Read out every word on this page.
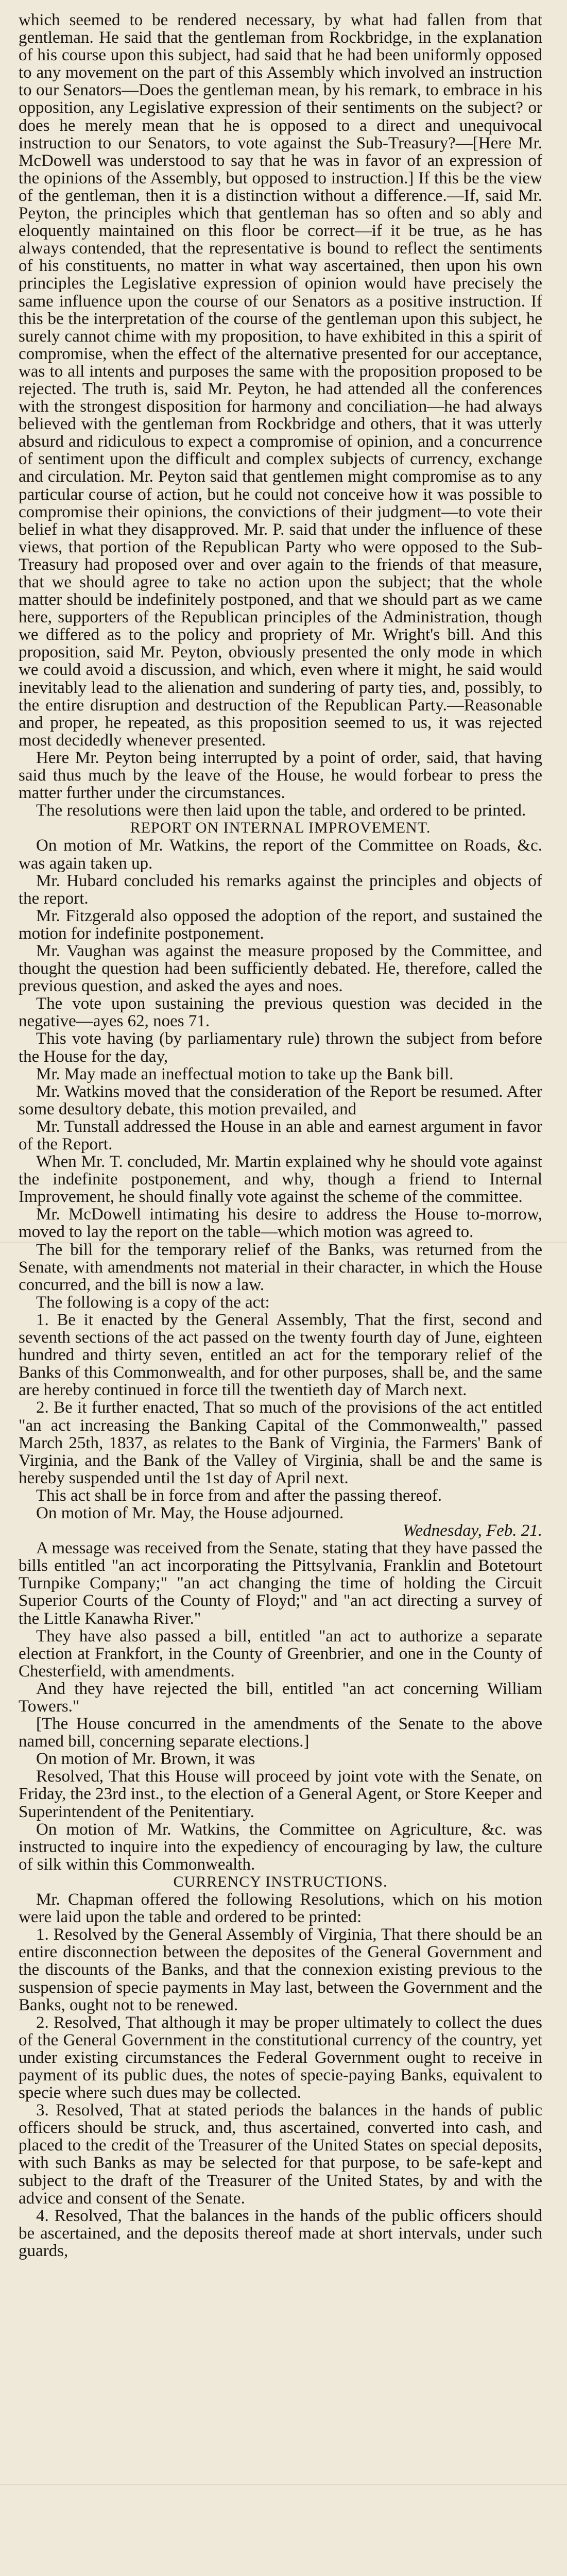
which seemed to be rendered necessary, by what had fallen from that gentleman. He said that the gentleman from Rockbridge, in the explanation of his course upon this subject, had said that he had been uniformly opposed to any movement on the part of this Assembly which involved an instruction to our Senators—Does the gentleman mean, by his remark, to embrace in his opposition, any Legislative expression of their sentiments on the subject? or does he merely mean that he is opposed to a direct and unequivocal instruction to our Senators, to vote against the Sub-Treasury?—[Here Mr. McDowell was understood to say that he was in favor of an expression of the opinions of the Assembly, but opposed to instruction.] If this be the view of the gentleman, then it is a distinction without a difference.—If, said Mr. Peyton, the principles which that gentleman has so often and so ably and eloquently maintained on this floor be correct—if it be true, as he has always contended, that the representative is bound to reflect the sentiments of his constituents, no matter in what way ascertained, then upon his own principles the Legislative expression of opinion would have precisely the same influence upon the course of our Senators as a positive instruction. If this be the interpretation of the course of the gentleman upon this subject, he surely cannot chime with my proposition, to have exhibited in this a spirit of compromise, when the effect of the alternative presented for our acceptance, was to all intents and purposes the same with the proposition proposed to be rejected. The truth is, said Mr. Peyton, he had attended all the conferences with the strongest disposition for harmony and conciliation—he had always believed with the gentleman from Rockbridge and others, that it was utterly absurd and ridiculous to expect a compromise of opinion, and a concurrence of sentiment upon the difficult and complex subjects of currency, exchange and circulation. Mr. Peyton said that gentlemen might compromise as to any particular course of action, but he could not conceive how it was possible to compromise their opinions, the convictions of their judgment—to vote their belief in what they disapproved. Mr. P. said that under the influence of these views, that portion of the Republican Party who were opposed to the Sub-Treasury had proposed over and over again to the friends of that measure, that we should agree to take no action upon the subject; that the whole matter should be indefinitely postponed, and that we should part as we came here, supporters of the Republican principles of the Administration, though we differed as to the policy and propriety of Mr. Wright's bill. And this proposition, said Mr. Peyton, obviously presented the only mode in which we could avoid a discussion, and which, even where it might, he said would inevitably lead to the alienation and sundering of party ties, and, possibly, to the entire disruption and destruction of the Republican Party.—Reasonable and proper, he repeated, as this proposition seemed to us, it was rejected most decidedly whenever presented.

Here Mr. Peyton being interrupted by a point of order, said, that having said thus much by the leave of the House, he would forbear to press the matter further under the circumstances.

The resolutions were then laid upon the table, and ordered to be printed.

REPORT ON INTERNAL IMPROVEMENT.

On motion of Mr. Watkins, the report of the Committee on Roads, &c. was again taken up.

Mr. Hubard concluded his remarks against the principles and objects of the report.

Mr. Fitzgerald also opposed the adoption of the report, and sustained the motion for indefinite postponement.

Mr. Vaughan was against the measure proposed by the Committee, and thought the question had been sufficiently debated. He, therefore, called the previous question, and asked the ayes and noes.

The vote upon sustaining the previous question was decided in the negative—ayes 62, noes 71.

This vote having (by parliamentary rule) thrown the subject from before the House for the day,

Mr. May made an ineffectual motion to take up the Bank bill.

Mr. Watkins moved that the consideration of the Report be resumed. After some desultory debate, this motion prevailed, and

Mr. Tunstall addressed the House in an able and earnest argument in favor of the Report.

When Mr. T. concluded, Mr. Martin explained why he should vote against the indefinite postponement, and why, though a friend to Internal Improvement, he should finally vote against the scheme of the committee.

Mr. McDowell intimating his desire to address the House to-morrow, moved to lay the report on the table—which motion was agreed to.

The bill for the temporary relief of the Banks, was returned from the Senate, with amendments not material in their character, in which the House concurred, and the bill is now a law.

The following is a copy of the act:

1. Be it enacted by the General Assembly, That the first, second and seventh sections of the act passed on the twenty fourth day of June, eighteen hundred and thirty seven, entitled an act for the temporary relief of the Banks of this Commonwealth, and for other purposes, shall be, and the same are hereby continued in force till the twentieth day of March next.

2. Be it further enacted, That so much of the provisions of the act entitled "an act increasing the Banking Capital of the Commonwealth," passed March 25th, 1837, as relates to the Bank of Virginia, the Farmers' Bank of Virginia, and the Bank of the Valley of Virginia, shall be and the same is hereby suspended until the 1st day of April next.

This act shall be in force from and after the passing thereof.

On motion of Mr. May, the House adjourned.

Wednesday, Feb. 21.

A message was received from the Senate, stating that they have passed the bills entitled "an act incorporating the Pittsylvania, Franklin and Botetourt Turnpike Company;" "an act changing the time of holding the Circuit Superior Courts of the County of Floyd;" and "an act directing a survey of the Little Kanawha River."

They have also passed a bill, entitled "an act to authorize a separate election at Frankfort, in the County of Greenbrier, and one in the County of Chesterfield, with amendments.

And they have rejected the bill, entitled "an act concerning William Towers."

[The House concurred in the amendments of the Senate to the above named bill, concerning separate elections.]

On motion of Mr. Brown, it was

Resolved, That this House will proceed by joint vote with the Senate, on Friday, the 23rd inst., to the election of a General Agent, or Store Keeper and Superintendent of the Penitentiary.

On motion of Mr. Watkins, the Committee on Agriculture, &c. was instructed to inquire into the expediency of encouraging by law, the culture of silk within this Commonwealth.

CURRENCY INSTRUCTIONS.

Mr. Chapman offered the following Resolutions, which on his motion were laid upon the table and ordered to be printed:

1. Resolved by the General Assembly of Virginia, That there should be an entire disconnection between the deposites of the General Government and the discounts of the Banks, and that the connexion existing previous to the suspension of specie payments in May last, between the Government and the Banks, ought not to be renewed.

2. Resolved, That although it may be proper ultimately to collect the dues of the General Government in the constitutional currency of the country, yet under existing circumstances the Federal Government ought to receive in payment of its public dues, the notes of specie-paying Banks, equivalent to specie where such dues may be collected.

3. Resolved, That at stated periods the balances in the hands of public officers should be struck, and, thus ascertained, converted into cash, and placed to the credit of the Treasurer of the United States on special deposits, with such Banks as may be selected for that purpose, to be safe-kept and subject to the draft of the Treasurer of the United States, by and with the advice and consent of the Senate.

4. Resolved, That the balances in the hands of the public officers should be ascertained, and the deposits thereof made at short intervals, under such guards,
